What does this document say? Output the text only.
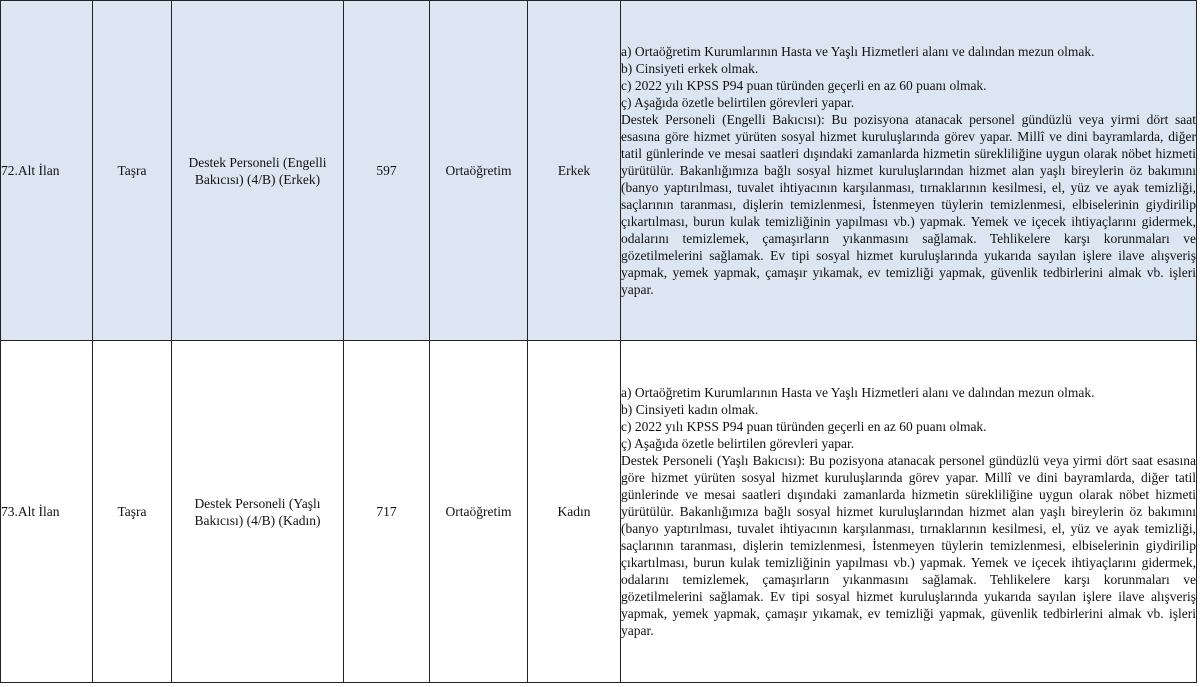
72.Alt İlan	Taşra	Destek Personeli (Engelli Bakıcısı) (4/B) (Erkek)	597	Ortaöğretim	Erkek	a) Ortaöğretim Kurumlarının Hasta ve Yaşlı Hizmetleri alanı ve dalından mezun olmak.

b) Cinsiyeti erkek olmak.

c) 2022 yılı KPSS P94 puan türünden geçerli en az 60 puanı olmak.

ç) Aşağıda özetle belirtilen görevleri yapar.

Destek Personeli (Engelli Bakıcısı): Bu pozisyona atanacak personel gündüzlü veya yirmi dört saat esasına göre hizmet yürüten sosyal hizmet kuruluşlarında görev yapar. Millî ve dini bayramlarda, diğer tatil günlerinde ve mesai saatleri dışındaki zamanlarda hizmetin sürekliliğine uygun olarak nöbet hizmeti yürütülür. Bakanlığımıza bağlı sosyal hizmet kuruluşlarından hizmet alan yaşlı bireylerin öz bakımını (banyo yaptırılması, tuvalet ihtiyacının karşılanması, tırnaklarının kesilmesi, el, yüz ve ayak temizliği, saçlarının taranması, dişlerin temizlenmesi, İstenmeyen tüylerin temizlenmesi, elbiselerinin giydirilip çıkartılması, burun kulak temizliğinin yapılması vb.) yapmak. Yemek ve içecek ihtiyaçlarını gidermek, odalarını temizlemek, çamaşırların yıkanmasını sağlamak. Tehlikelere karşı korunmaları ve gözetilmelerini sağlamak. Ev tipi sosyal hizmet kuruluşlarında yukarıda sayılan işlere ilave alışveriş yapmak, yemek yapmak, çamaşır yıkamak, ev temizliği yapmak, güvenlik tedbirlerini almak vb. işleri yapar.

73.Alt İlan	Taşra	Destek Personeli (Yaşlı Bakıcısı) (4/B) (Kadın)	717	Ortaöğretim	Kadın	a) Ortaöğretim Kurumlarının Hasta ve Yaşlı Hizmetleri alanı ve dalından mezun olmak.

b) Cinsiyeti kadın olmak.

c) 2022 yılı KPSS P94 puan türünden geçerli en az 60 puanı olmak.

ç) Aşağıda özetle belirtilen görevleri yapar.

Destek Personeli (Yaşlı Bakıcısı): Bu pozisyona atanacak personel gündüzlü veya yirmi dört saat esasına göre hizmet yürüten sosyal hizmet kuruluşlarında görev yapar. Millî ve dini bayramlarda, diğer tatil günlerinde ve mesai saatleri dışındaki zamanlarda hizmetin sürekliliğine uygun olarak nöbet hizmeti yürütülür. Bakanlığımıza bağlı sosyal hizmet kuruluşlarından hizmet alan yaşlı bireylerin öz bakımını (banyo yaptırılması, tuvalet ihtiyacının karşılanması, tırnaklarının kesilmesi, el, yüz ve ayak temizliği, saçlarının taranması, dişlerin temizlenmesi, İstenmeyen tüylerin temizlenmesi, elbiselerinin giydirilip çıkartılması, burun kulak temizliğinin yapılması vb.) yapmak. Yemek ve içecek ihtiyaçlarını gidermek, odalarını temizlemek, çamaşırların yıkanmasını sağlamak. Tehlikelere karşı korunmaları ve gözetilmelerini sağlamak. Ev tipi sosyal hizmet kuruluşlarında yukarıda sayılan işlere ilave alışveriş yapmak, yemek yapmak, çamaşır yıkamak, ev temizliği yapmak, güvenlik tedbirlerini almak vb. işleri yapar.
